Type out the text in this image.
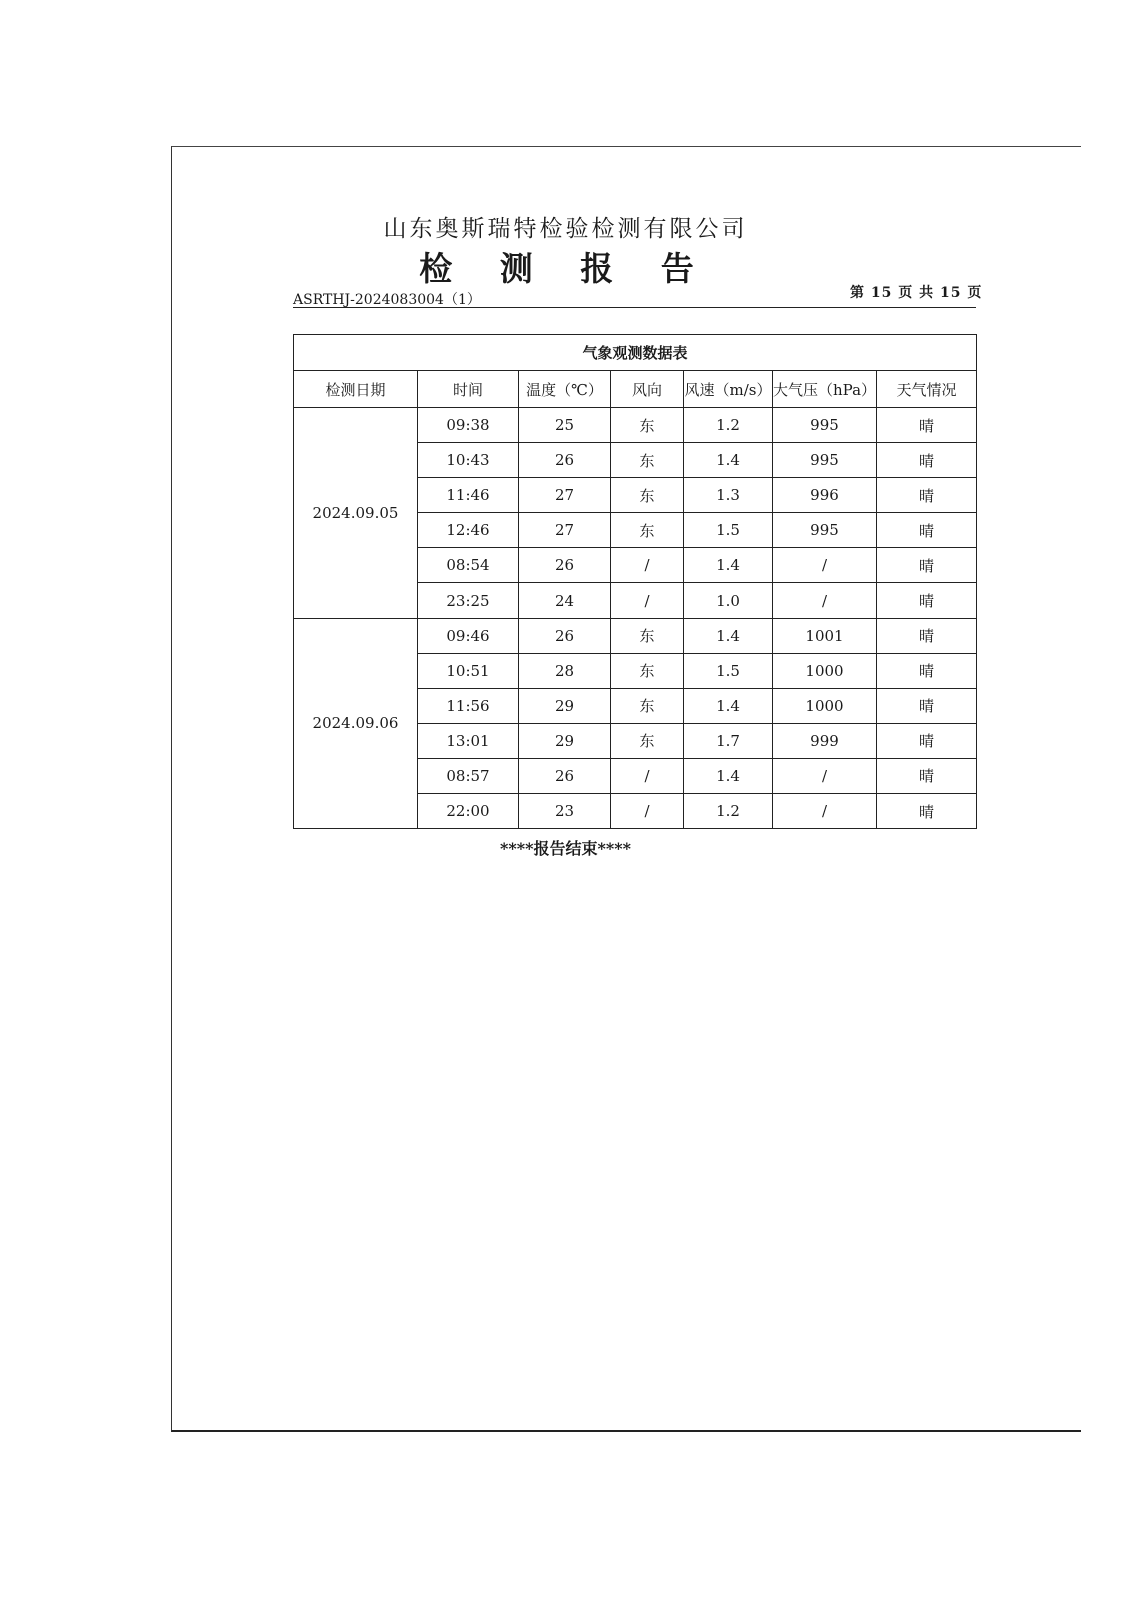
山东奥斯瑞特检验检测有限公司
检 测 报 告
ASRTHJ-2024083004（1）	第 15 页 共 15 页
气象观测数据表						
检测日期	时间	温度（℃）	风向	风速（m/s）	大气压（hPa）	天气情况
2024.09.05	09:38	25	东	1.2	995	晴
	10:43	26	东	1.4	995	晴
	11:46	27	东	1.3	996	晴
	12:46	27	东	1.5	995	晴
	08:54	26	/	1.4	/	晴
	23:25	24	/	1.0	/	晴
2024.09.06	09:46	26	东	1.4	1001	晴
	10:51	28	东	1.5	1000	晴
	11:56	29	东	1.4	1000	晴
	13:01	29	东	1.7	999	晴
	08:57	26	/	1.4	/	晴
	22:00	23	/	1.2	/	晴
****报告结束****
